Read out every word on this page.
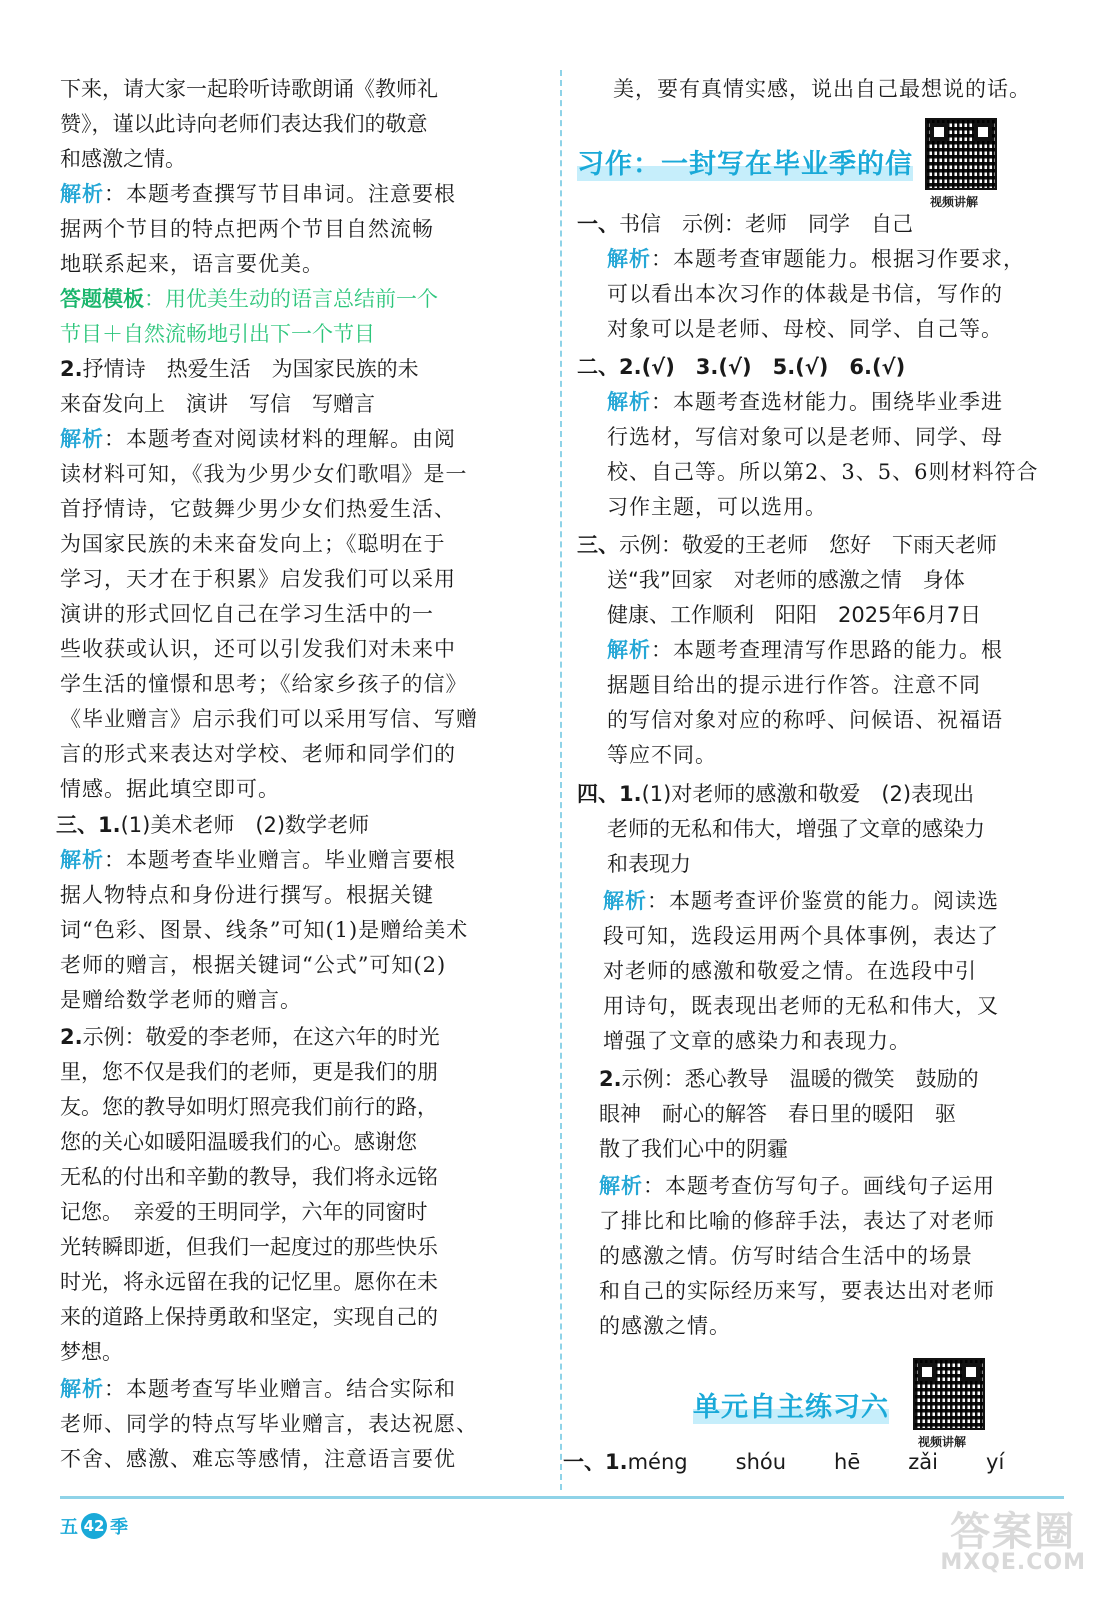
下来，请大家一起聆听诗歌朗诵《教师礼
赞》，谨以此诗向老师们表达我们的敬意
和感激之情。
解析：本题考查撰写节目串词。注意要根
据两个节目的特点把两个节目自然流畅
地联系起来，语言要优美。
答题模板：用优美生动的语言总结前一个
节目＋自然流畅地引出下一个节目
2.抒情诗　热爱生活　为国家民族的未
来奋发向上　演讲　写信　写赠言
解析：本题考查对阅读材料的理解。由阅
读材料可知，《我为少男少女们歌唱》是一
首抒情诗，它鼓舞少男少女们热爱生活、
为国家民族的未来奋发向上；《聪明在于
学习，天才在于积累》启发我们可以采用
演讲的形式回忆自己在学习生活中的一
些收获或认识，还可以引发我们对未来中
学生活的憧憬和思考；《给家乡孩子的信》
《毕业赠言》启示我们可以采用写信、写赠
言的形式来表达对学校、老师和同学们的
情感。据此填空即可。
三、1.(1)美术老师　(2)数学老师
解析：本题考查毕业赠言。毕业赠言要根
据人物特点和身份进行撰写。根据关键
词“色彩、图景、线条”可知(1)是赠给美术
老师的赠言，根据关键词“公式”可知(2)
是赠给数学老师的赠言。
2.示例：敬爱的李老师，在这六年的时光
里，您不仅是我们的老师，更是我们的朋
友。您的教导如明灯照亮我们前行的路，
您的关心如暖阳温暖我们的心。感谢您
无私的付出和辛勤的教导，我们将永远铭
记您。　亲爱的王明同学，六年的同窗时
光转瞬即逝，但我们一起度过的那些快乐
时光，将永远留在我的记忆里。愿你在未
来的道路上保持勇敢和坚定，实现自己的
梦想。
解析：本题考查写毕业赠言。结合实际和
老师、同学的特点写毕业赠言，表达祝愿、
不舍、感激、难忘等感情，注意语言要优
美，要有真情实感，说出自己最想说的话。
习作：一封写在毕业季的信
视频讲解
一、书信　示例：老师　同学　自己
解析：本题考查审题能力。根据习作要求，
可以看出本次习作的体裁是书信，写作的
对象可以是老师、母校、同学、自己等。
二、2.(√)　3.(√)　5.(√)　6.(√)
解析：本题考查选材能力。围绕毕业季进
行选材，写信对象可以是老师、同学、母
校、自己等。所以第2、3、5、6则材料符合
习作主题，可以选用。
三、示例：敬爱的王老师　您好　下雨天老师
送“我”回家　对老师的感激之情　身体
健康、工作顺利　阳阳　2025年6月7日
解析：本题考查理清写作思路的能力。根
据题目给出的提示进行作答。注意不同
的写信对象对应的称呼、问候语、祝福语
等应不同。
四、1.(1)对老师的感激和敬爱　(2)表现出
老师的无私和伟大，增强了文章的感染力
和表现力
解析：本题考查评价鉴赏的能力。阅读选
段可知，选段运用两个具体事例，表达了
对老师的感激和敬爱之情。在选段中引
用诗句，既表现出老师的无私和伟大，又
增强了文章的感染力和表现力。
2.示例：悉心教导　温暖的微笑　鼓励的
眼神　耐心的解答　春日里的暖阳　驱
散了我们心中的阴霾
解析：本题考查仿写句子。画线句子运用
了排比和比喻的修辞手法，表达了对老师
的感激之情。仿写时结合生活中的场景
和自己的实际经历来写，要表达出对老师
的感激之情。
单元自主练习六
视频讲解
一、1.méng shóu hē zǎi yí
五 42 季	答案圈
MXQE.COM
